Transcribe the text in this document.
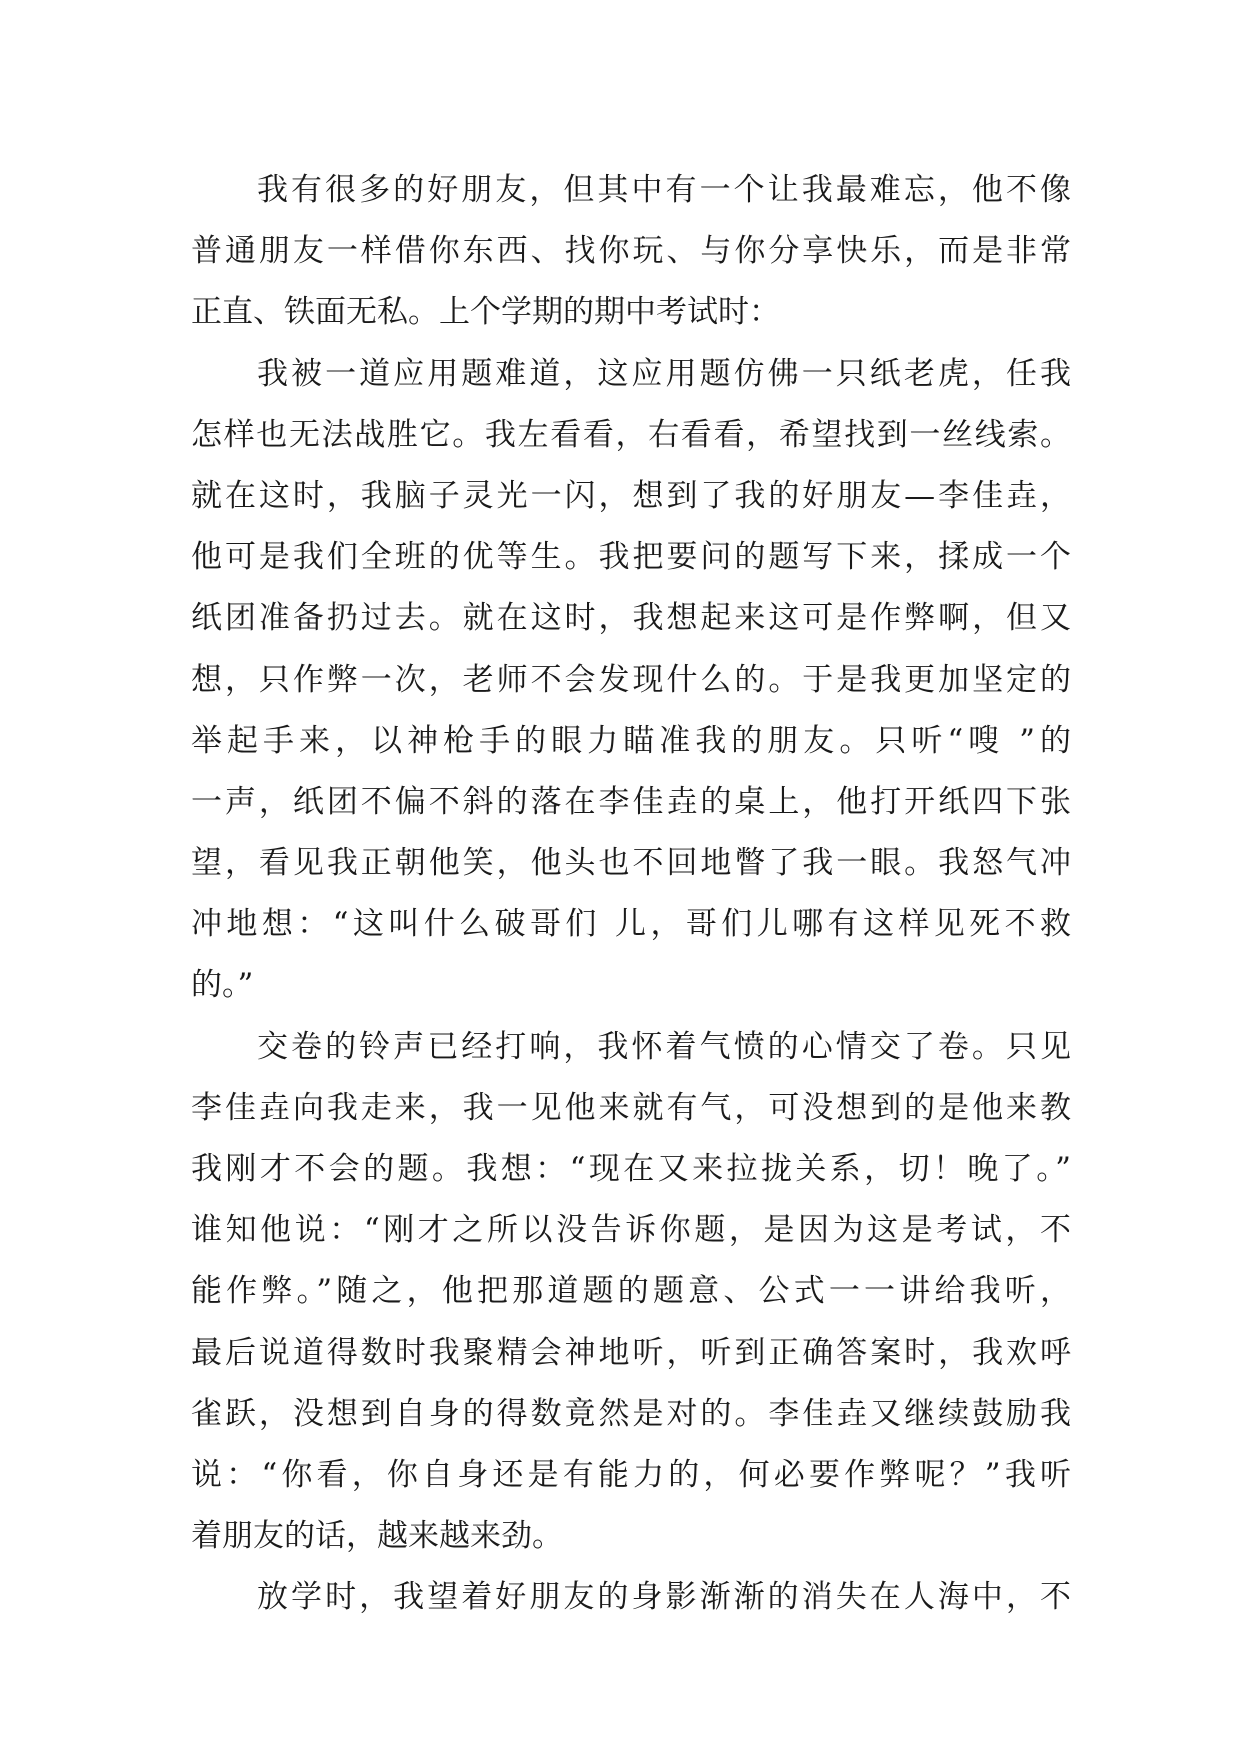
我有很多的好朋友，但其中有一个让我最难忘，他不像
普通朋友一样借你东西、找你玩、与你分享快乐，而是非常
正直、铁面无私。上个学期的期中考试时：
我被一道应用题难道，这应用题仿佛一只纸老虎，任我
怎样也无法战胜它。我左看看，右看看，希望找到一丝线索。
就在这时，我脑子灵光一闪，想到了我的好朋友—李佳垚，
他可是我们全班的优等生。我把要问的题写下来，揉成一个
纸团准备扔过去。就在这时，我想起来这可是作弊啊，但又
想，只作弊一次，老师不会发现什么的。于是我更加坚定的
举起手来，以神枪手的眼力瞄准我的朋友。只听“嗖 ”的
一声，纸团不偏不斜的落在李佳垚的桌上，他打开纸四下张
望，看见我正朝他笑，他头也不回地瞥了我一眼。我怒气冲
冲地想：“这叫什么破哥们 儿，哥们儿哪有这样见死不救
的。”
交卷的铃声已经打响，我怀着气愤的心情交了卷。只见
李佳垚向我走来，我一见他来就有气，可没想到的是他来教
我刚才不会的题。我想：“现在又来拉拢关系，切！晚了。”
谁知他说：“刚才之所以没告诉你题，是因为这是考试，不
能作弊。”随之，他把那道题的题意、公式一一讲给我听，
最后说道得数时我聚精会神地听，听到正确答案时，我欢呼
雀跃，没想到自身的得数竟然是对的。李佳垚又继续鼓励我
说：“你看，你自身还是有能力的，何必要作弊呢？”我听
着朋友的话，越来越来劲。
放学时，我望着好朋友的身影渐渐的消失在人海中，不
